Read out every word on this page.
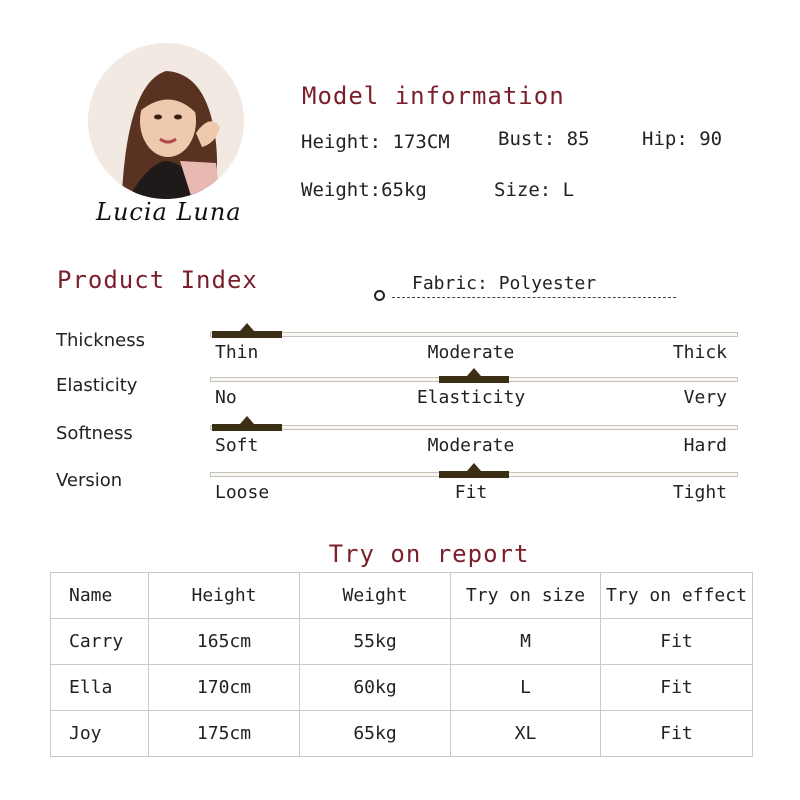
Lucia Luna
Model information
Height: 173CM	Bust: 85	Hip: 90
Weight:65kg	Size: L
Product Index	Fabric: Polyester
Thickness
Thin	Moderate	Thick
Elasticity
No	Elasticity	Very
Softness
Soft	Moderate	Hard
Version
Loose	Fit	Tight
Try on report
Name	Height	Weight	Try on size	Try on effect
Carry	165cm	55kg	M	Fit
Ella	170cm	60kg	L	Fit
Joy	175cm	65kg	XL	Fit
